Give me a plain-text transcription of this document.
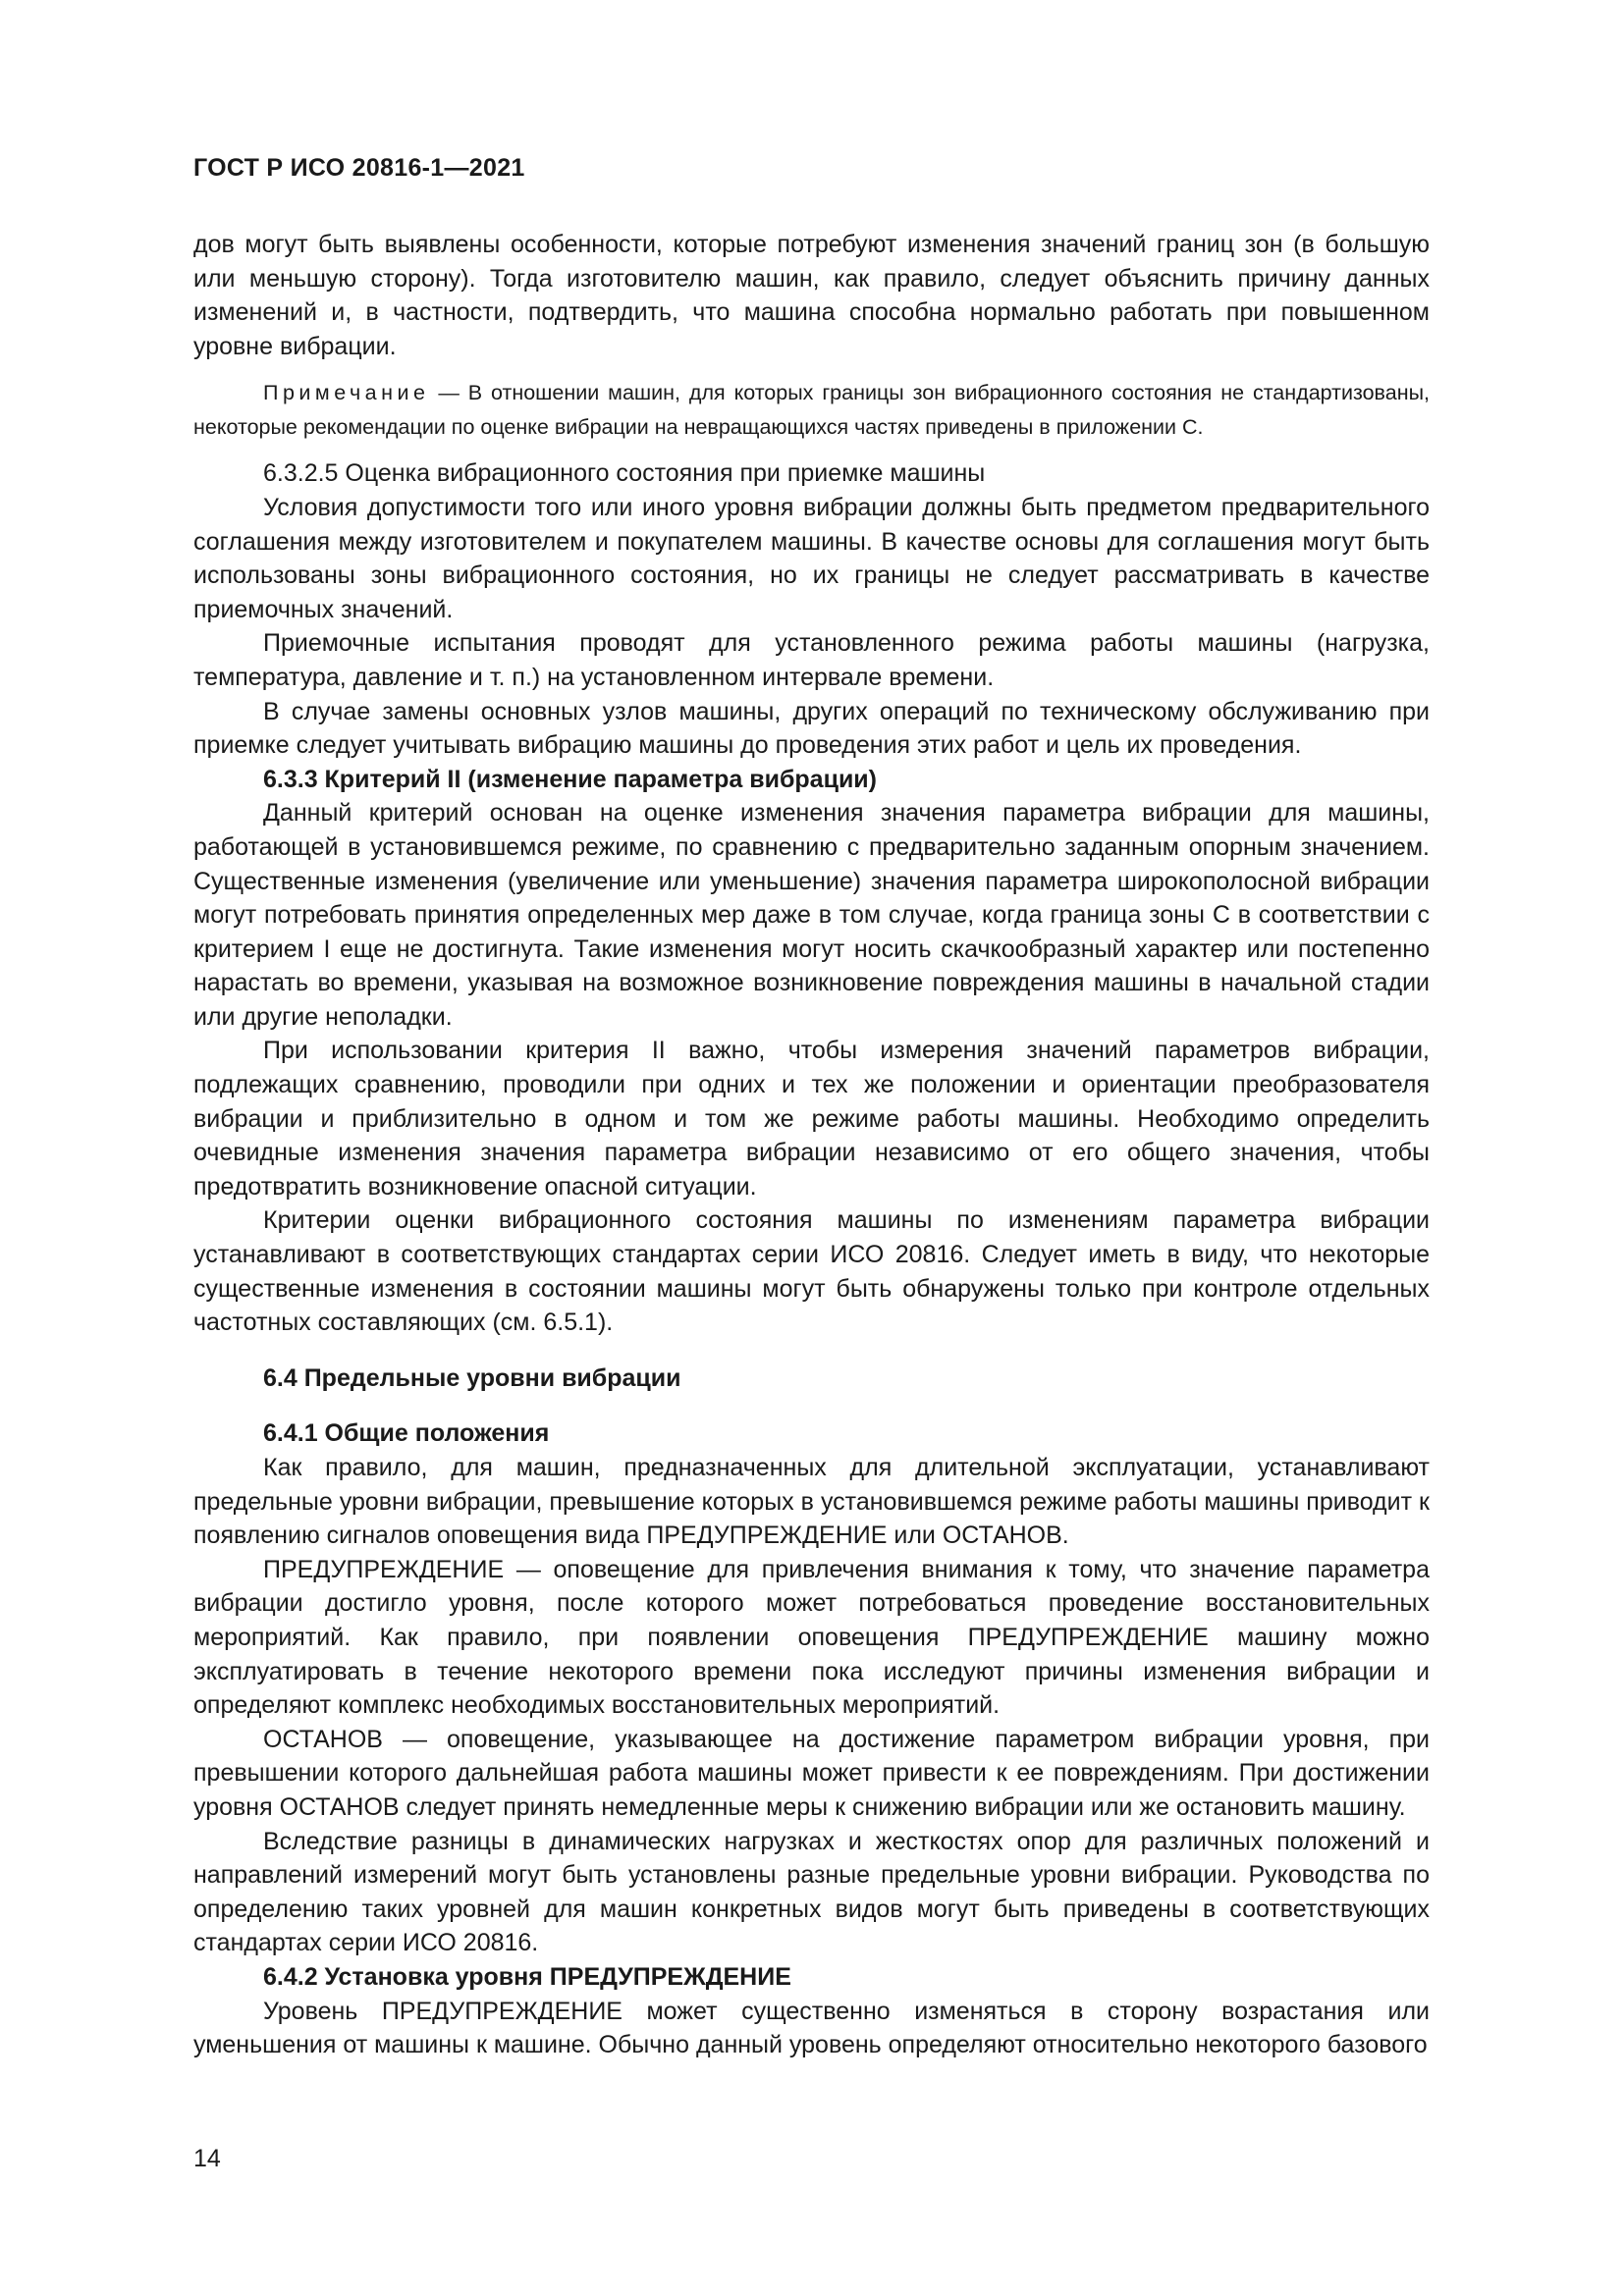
ГОСТ Р ИСО 20816-1—2021

дов могут быть выявлены особенности, которые потребуют изменения значений границ зон (в большую или меньшую сторону). Тогда изготовителю машин, как правило, следует объяснить причину данных изменений и, в частности, подтвердить, что машина способна нормально работать при повышенном уровне вибрации.

Примечание — В отношении машин, для которых границы зон вибрационного состояния не стандартизованы, некоторые рекомендации по оценке вибрации на невращающихся частях приведены в приложении С.

6.3.2.5 Оценка вибрационного состояния при приемке машины

Условия допустимости того или иного уровня вибрации должны быть предметом предварительного соглашения между изготовителем и покупателем машины. В качестве основы для соглашения могут быть использованы зоны вибрационного состояния, но их границы не следует рассматривать в качестве приемочных значений.

Приемочные испытания проводят для установленного режима работы машины (нагрузка, температура, давление и т. п.) на установленном интервале времени.

В случае замены основных узлов машины, других операций по техническому обслуживанию при приемке следует учитывать вибрацию машины до проведения этих работ и цель их проведения.

6.3.3 Критерий II (изменение параметра вибрации)

Данный критерий основан на оценке изменения значения параметра вибрации для машины, работающей в установившемся режиме, по сравнению с предварительно заданным опорным значением. Существенные изменения (увеличение или уменьшение) значения параметра широкополосной вибрации могут потребовать принятия определенных мер даже в том случае, когда граница зоны С в соответствии с критерием I еще не достигнута. Такие изменения могут носить скачкообразный характер или постепенно нарастать во времени, указывая на возможное возникновение повреждения машины в начальной стадии или другие неполадки.

При использовании критерия II важно, чтобы измерения значений параметров вибрации, подлежащих сравнению, проводили при одних и тех же положении и ориентации преобразователя вибрации и приблизительно в одном и том же режиме работы машины. Необходимо определить очевидные изменения значения параметра вибрации независимо от его общего значения, чтобы предотвратить возникновение опасной ситуации.

Критерии оценки вибрационного состояния машины по изменениям параметра вибрации устанавливают в соответствующих стандартах серии ИСО 20816. Следует иметь в виду, что некоторые существенные изменения в состоянии машины могут быть обнаружены только при контроле отдельных частотных составляющих (см. 6.5.1).

6.4 Предельные уровни вибрации

6.4.1 Общие положения

Как правило, для машин, предназначенных для длительной эксплуатации, устанавливают предельные уровни вибрации, превышение которых в установившемся режиме работы машины приводит к появлению сигналов оповещения вида ПРЕДУПРЕЖДЕНИЕ или ОСТАНОВ.

ПРЕДУПРЕЖДЕНИЕ — оповещение для привлечения внимания к тому, что значение параметра вибрации достигло уровня, после которого может потребоваться проведение восстановительных мероприятий. Как правило, при появлении оповещения ПРЕДУПРЕЖДЕНИЕ машину можно эксплуатировать в течение некоторого времени пока исследуют причины изменения вибрации и определяют комплекс необходимых восстановительных мероприятий.

ОСТАНОВ — оповещение, указывающее на достижение параметром вибрации уровня, при превышении которого дальнейшая работа машины может привести к ее повреждениям. При достижении уровня ОСТАНОВ следует принять немедленные меры к снижению вибрации или же остановить машину.

Вследствие разницы в динамических нагрузках и жесткостях опор для различных положений и направлений измерений могут быть установлены разные предельные уровни вибрации. Руководства по определению таких уровней для машин конкретных видов могут быть приведены в соответствующих стандартах серии ИСО 20816.

6.4.2 Установка уровня ПРЕДУПРЕЖДЕНИЕ

Уровень ПРЕДУПРЕЖДЕНИЕ может существенно изменяться в сторону возрастания или уменьшения от машины к машине. Обычно данный уровень определяют относительно некоторого базового

14
